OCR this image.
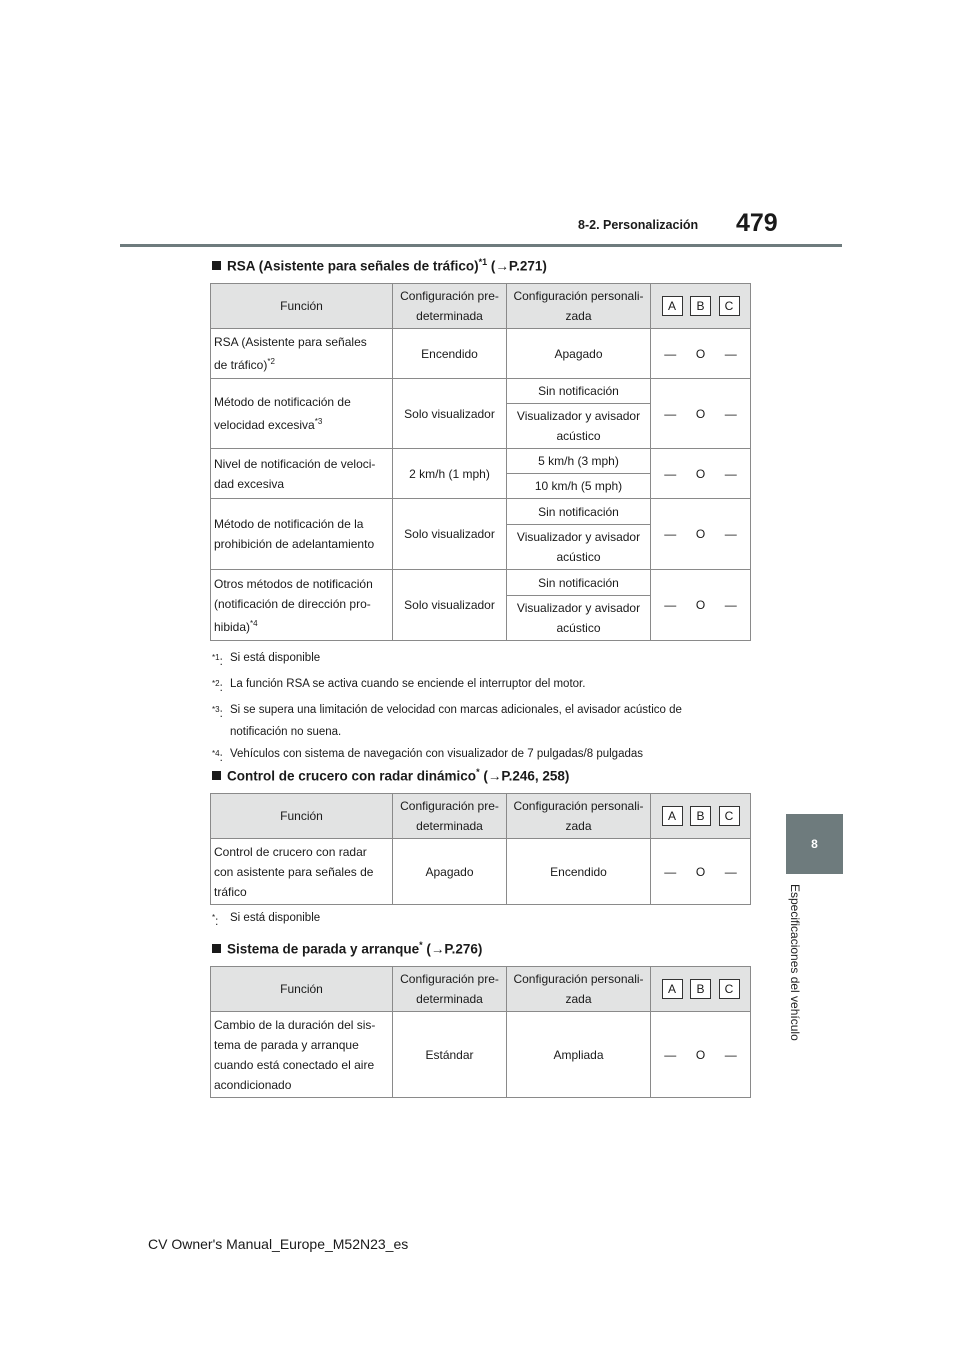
8-2. Personalización 479
8
Especificaciones del vehículo
RSA (Asistente para señales de tráfico)$^{*1}$ (→P.271)
Función	Configuración pre-
determinada	Configuración personali-
zada	A B C

RSA (Asistente para señales
de tráfico)$^{*2}$	Encendido	Apagado	— O —

Método de notificación de
velocidad excesiva$^{*3}$	Solo visualizador	Sin notificación	— O —

		Visualizador y avisador
acústico	
Nivel de notificación de veloci-
dad excesiva	2 km/h (1 mph)	5 km/h (3 mph)	— O —

		10 km/h (5 mph)	
Método de notificación de la
prohibición de adelantamiento	Solo visualizador	Sin notificación	— O —

		Visualizador y avisador
acústico	
Otros métodos de notificación
(notificación de dirección pro-
hibida)$^{*4}$	Solo visualizador	Sin notificación	— O —

		Visualizador y avisador
acústico	
$^{*1}$: Si está disponible
$^{*2}$: La función RSA se activa cuando se enciende el interruptor del motor.
$^{*3}$: Si se supera una limitación de velocidad con marcas adicionales, el avisador acústico de
notificación no suena.
$^{*4}$: Vehículos con sistema de navegación con visualizador de 7 pulgadas/8 pulgadas
Control de crucero con radar dinámico* (→P.246, 258)
Función	Configuración pre-
determinada	Configuración personali-
zada	A B C

Control de crucero con radar
con asistente para señales de
tráfico	Apagado	Encendido	— O —
*:	Si está disponible
Sistema de parada y arranque* (→P.276)
Función	Configuración pre-
determinada	Configuración personali-
zada	A B C

Cambio de la duración del sis-
tema de parada y arranque
cuando está conectado el aire
acondicionado	Estándar	Ampliada	— O —
CV Owner's Manual_Europe_M52N23_es
